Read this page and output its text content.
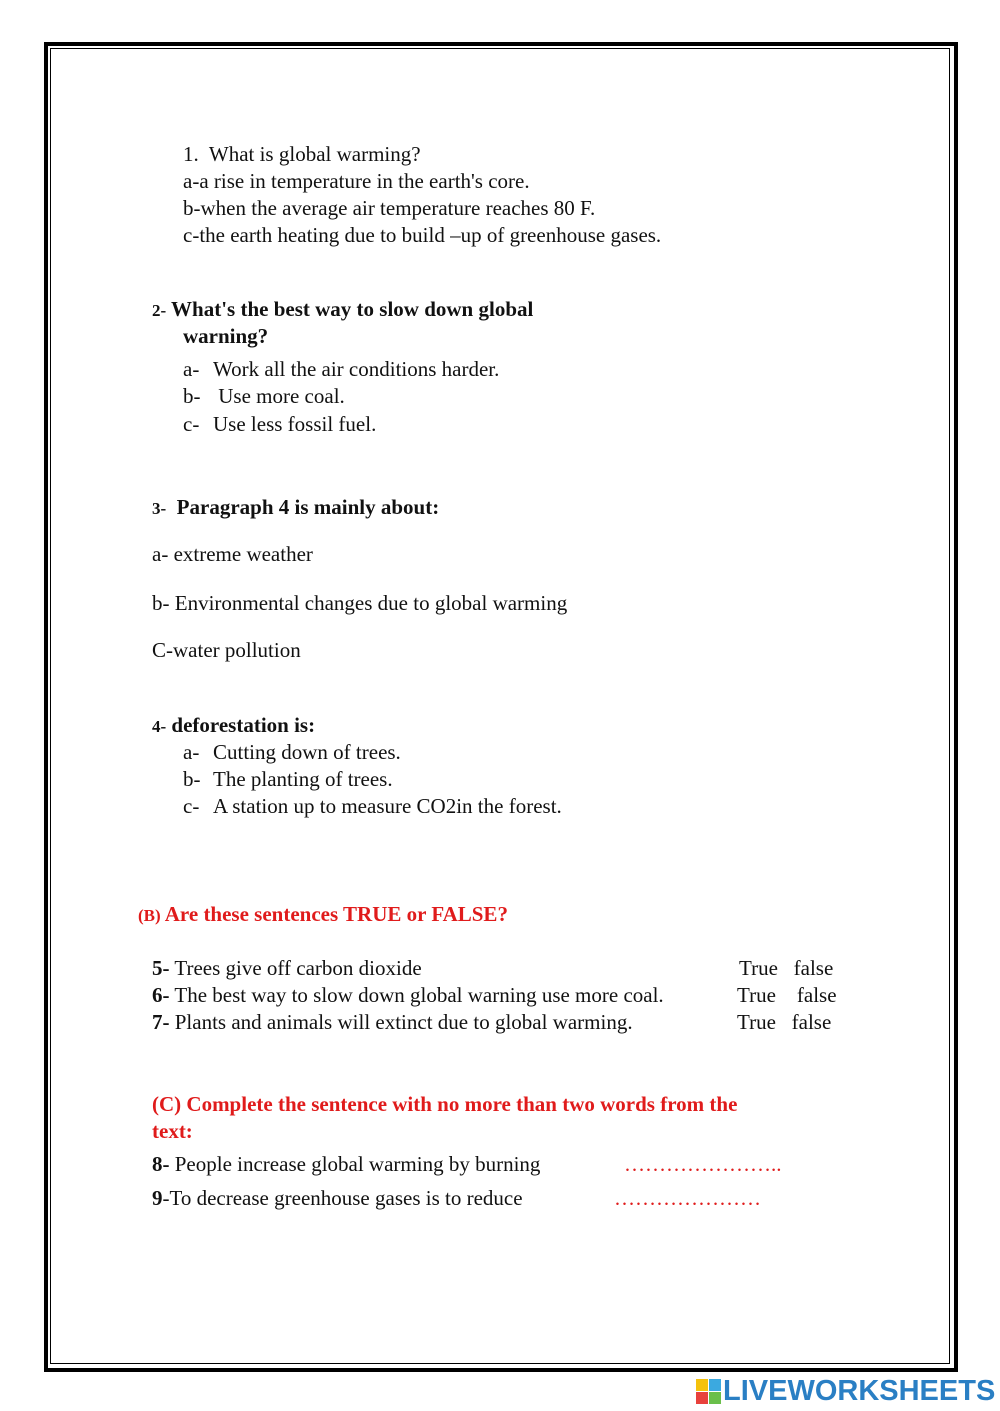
1. What is global warming?
a-a rise in temperature in the earth's core.
b-when the average air temperature reaches 80 F.
c-the earth heating due to build –up of greenhouse gases.
2- What's the best way to slow down global
warning?
a- Work all the air conditions harder.
b- Use more coal.
c- Use less fossil fuel.
3- Paragraph 4 is mainly about:
a- extreme weather
b- Environmental changes due to global warming
C-water pollution
4- deforestation is:
a- Cutting down of trees.
b- The planting of trees.
c- A station up to measure CO2in the forest.
(B) Are these sentences TRUE or FALSE?
5- Trees give off carbon dioxide	True false
6- The best way to slow down global warning use more coal.	True false
7- Plants and animals will extinct due to global warming.	True false
(C) Complete the sentence with no more than two words from the
text:
8- People increase global warming by burning	…………………..
9-To decrease greenhouse gases is to reduce	…………………
LIVEWORKSHEETS
